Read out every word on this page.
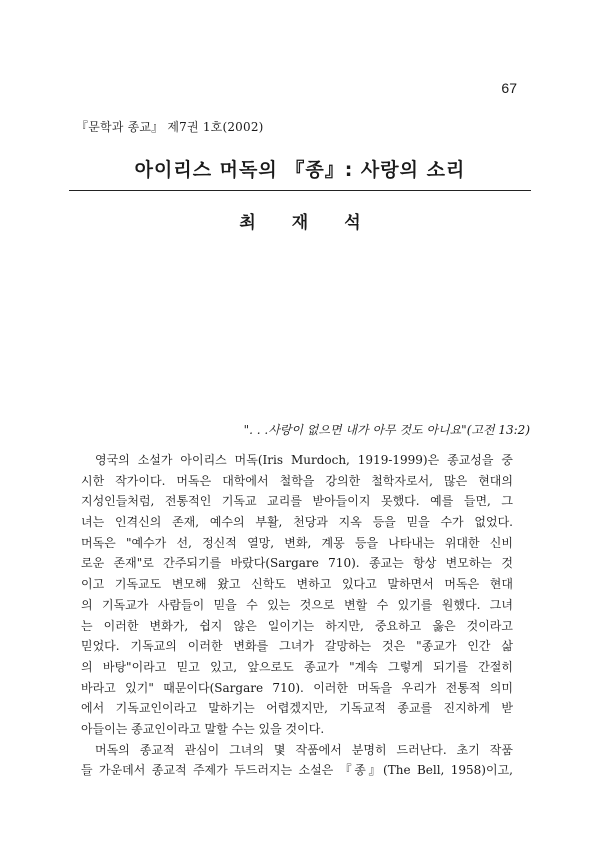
67
『문학과 종교』 제7권 1호(2002)
아이리스 머독의 『종』: 사랑의 소리
최재석
". . .사랑이 없으면 내가 아무 것도 아니요"(고전 13:2)
영국의 소설가 아이리스 머독(Iris Murdoch, 1919-1999)은 종교성을 중
시한 작가이다. 머독은 대학에서 철학을 강의한 철학자로서, 많은 현대의
지성인들처럼, 전통적인 기독교 교리를 받아들이지 못했다. 예를 들면, 그
녀는 인격신의 존재, 예수의 부활, 천당과 지옥 등을 믿을 수가 없었다.
머독은 "예수가 선, 정신적 열망, 변화, 계몽 등을 나타내는 위대한 신비
로운 존재"로 간주되기를 바랐다(Sargare 710). 종교는 항상 변모하는 것
이고 기독교도 변모해 왔고 신학도 변하고 있다고 말하면서 머독은 현대
의 기독교가 사람들이 믿을 수 있는 것으로 변할 수 있기를 원했다. 그녀
는 이러한 변화가, 쉽지 않은 일이기는 하지만, 중요하고 옳은 것이라고
믿었다. 기독교의 이러한 변화를 그녀가 갈망하는 것은 "종교가 인간 삶
의 바탕"이라고 믿고 있고, 앞으로도 종교가 "계속 그렇게 되기를 간절히
바라고 있기" 때문이다(Sargare 710). 이러한 머독을 우리가 전통적 의미
에서 기독교인이라고 말하기는 어렵겠지만, 기독교적 종교를 진지하게 받
아들이는 종교인이라고 말할 수는 있을 것이다.
머독의 종교적 관심이 그녀의 몇 작품에서 분명히 드러난다. 초기 작품
들 가운데서 종교적 주제가 두드러지는 소설은 『종』(The Bell, 1958)이고,
